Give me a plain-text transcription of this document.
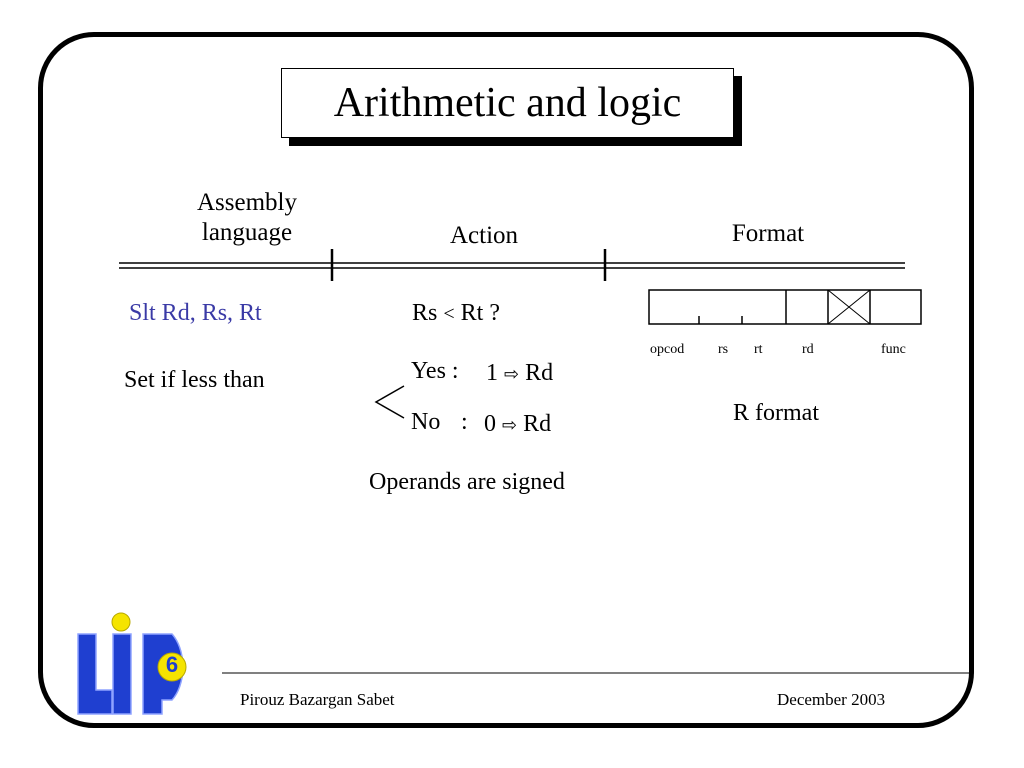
Arithmetic and logic
Assembly
language	Action	Format
6
Slt Rd, Rs, Rt
Set if less than
Rs < Rt ?
Yes : 1 ⇨ Rd
No : 0 ⇨ Rd
Operands are signed
opcod rs rt	rd	func
R format
Pirouz Bazargan Sabet	December 2003
